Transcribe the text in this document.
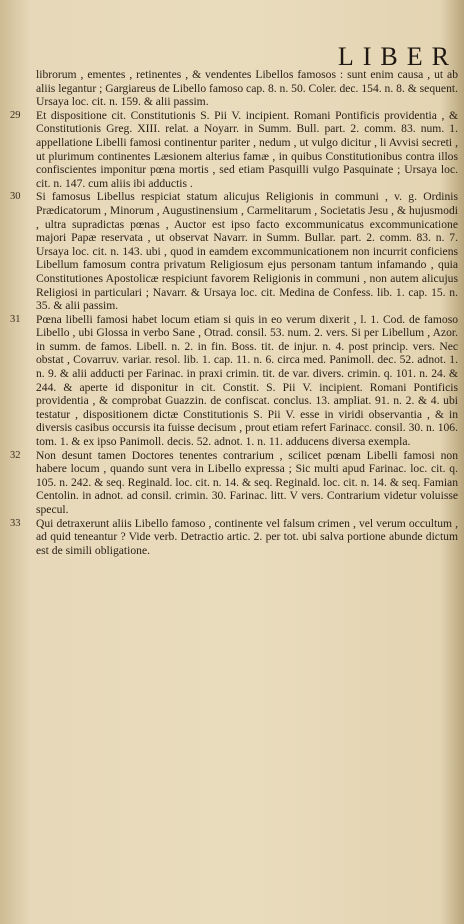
LIBER

librorum , ementes , retinentes , & vendentes Libellos famosos : sunt enim causa , ut ab aliis legantur ; Gargiareus de Libello famoso cap. 8. n. 50. Coler. dec. 154. n. 8. & sequent. Ursaya loc. cit. n. 159. & alii passim.

29	Et dispositione cit. Constitutionis S. Pii V. incipient. Romani Pontificis providentia , & Constitutionis Greg. XIII. relat. a Noyarr. in Summ. Bull. part. 2. comm. 83. num. 1. appellatione Libelli famosi continentur pariter , nedum , ut vulgo dicitur , li Avvisi secreti , ut plurimum continentes Læsionem alterius famæ , in quibus Constitutionibus contra illos confiscientes imponitur pœna mortis , sed etiam Pasquilli vulgo Pasquinate ; Ursaya loc. cit. n. 147. cum aliis ibi adductis .

30	Si famosus Libellus respiciat statum alicujus Religionis in communi , v. g. Ordinis Prædicatorum , Minorum , Augustinensium , Carmelitarum , Societatis Jesu , & hujusmodi , ultra supradictas pœnas , Auctor est ipso facto excommunicatus excommunicatione majori Papæ reservata , ut observat Navarr. in Summ. Bullar. part. 2. comm. 83. n. 7. Ursaya loc. cit. n. 143. ubi , quod in eamdem excommunicationem non incurrit conficiens Libellum famosum contra privatum Religiosum ejus personam tantum infamando , quia Constitutiones Apostolicæ respiciunt favorem Religionis in communi , non autem alicujus Religiosi in particulari ; Navarr. & Ursaya loc. cit. Medina de Confess. lib. 1. cap. 15. n. 35. & alii passim.

31	Pœna libelli famosi habet locum etiam si quis in eo verum dixerit , l. 1. Cod. de famoso Libello , ubi Glossa in verbo Sane , Otrad. consil. 53. num. 2. vers. Si per Libellum , Azor. in summ. de famos. Libell. n. 2. in fin. Boss. tit. de injur. n. 4. post princip. vers. Nec obstat , Covarruv. variar. resol. lib. 1. cap. 11. n. 6. circa med. Panimoll. dec. 52. adnot. 1. n. 9. & alii adducti per Farinac. in praxi crimin. tit. de var. divers. crimin. q. 101. n. 24. & 244. & aperte id disponitur in cit. Constit. S. Pii V. incipient. Romani Pontificis providentia , & comprobat Guazzin. de confiscat. conclus. 13. ampliat. 91. n. 2. & 4. ubi testatur , dispositionem dictæ Constitutionis S. Pii V. esse in viridi observantia , & in diversis casibus occursis ita fuisse decisum , prout etiam refert Farinacc. consil. 30. n. 106. tom. 1. & ex ipso Panimoll. decis. 52. adnot. 1. n. 11. adducens diversa exempla.

32	Non desunt tamen Doctores tenentes contrarium , scilicet pœnam Libelli famosi non habere locum , quando sunt vera in Libello expressa ; Sic multi apud Farinac. loc. cit. q. 105. n. 242. & seq. Reginald. loc. cit. n. 14. & seq. Reginald. loc. cit. n. 14. & seq. Famian Centolin. in adnot. ad consil. crimin. 30. Farinac. litt. V vers. Contrarium videtur voluisse specul.

33	Qui detraxerunt aliis Libello famoso , continente vel falsum crimen , vel verum occultum , ad quid teneantur ? Vide verb. Detractio artic. 2. per tot. ubi salva portione abunde dictum est de simili obligatione.
